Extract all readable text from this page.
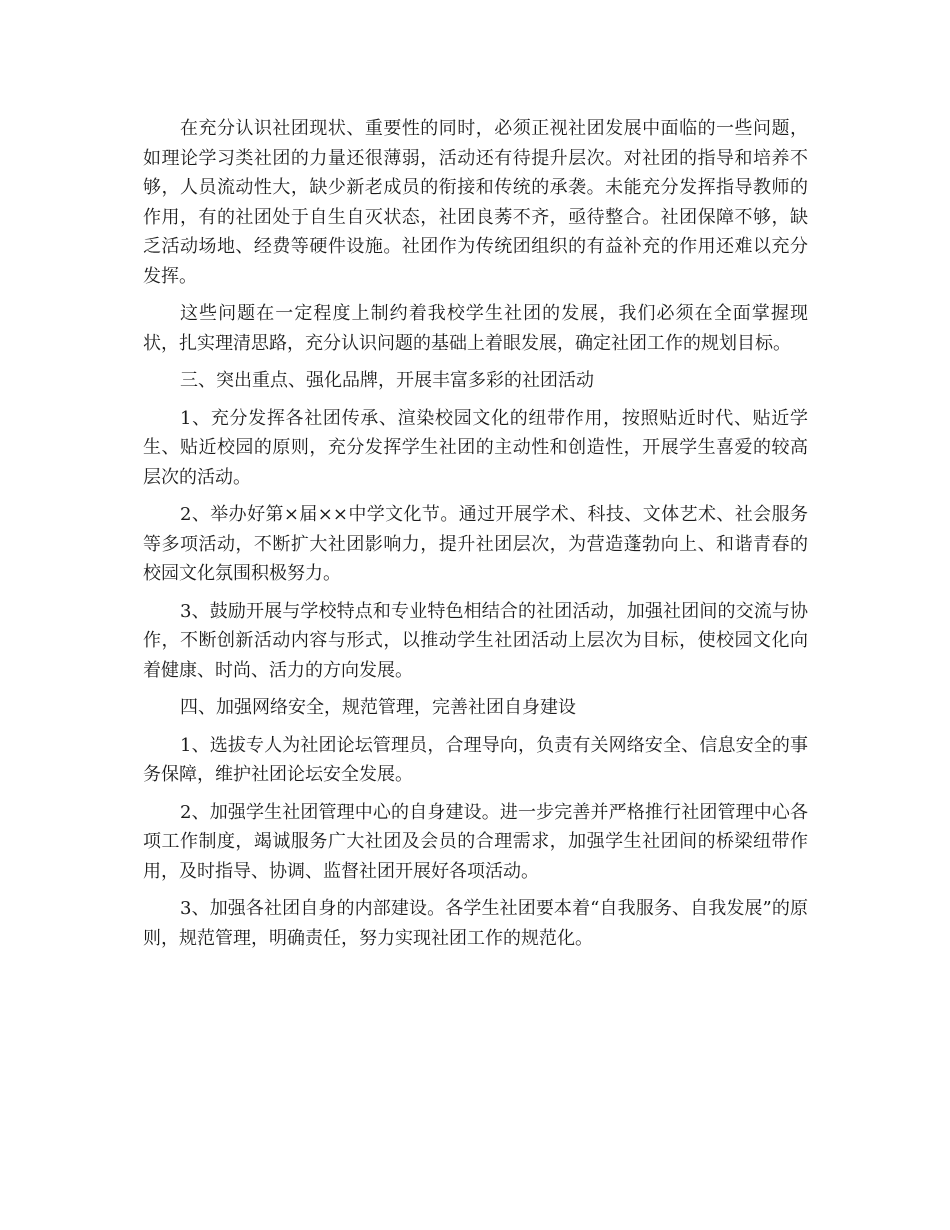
在充分认识社团现状、重要性的同时，必须正视社团发展中面临的一些问题，如理论学习类社团的力量还很薄弱，活动还有待提升层次。对社团的指导和培养不够，人员流动性大，缺少新老成员的衔接和传统的承袭。未能充分发挥指导教师的作用，有的社团处于自生自灭状态，社团良莠不齐，亟待整合。社团保障不够，缺乏活动场地、经费等硬件设施。社团作为传统团组织的有益补充的作用还难以充分发挥。

这些问题在一定程度上制约着我校学生社团的发展，我们必须在全面掌握现状，扎实理清思路，充分认识问题的基础上着眼发展，确定社团工作的规划目标。

三、突出重点、强化品牌，开展丰富多彩的社团活动

1、充分发挥各社团传承、渲染校园文化的纽带作用，按照贴近时代、贴近学生、贴近校园的原则，充分发挥学生社团的主动性和创造性，开展学生喜爱的较高层次的活动。

2、举办好第×届××中学文化节。通过开展学术、科技、文体艺术、社会服务等多项活动，不断扩大社团影响力，提升社团层次，为营造蓬勃向上、和谐青春的校园文化氛围积极努力。

3、鼓励开展与学校特点和专业特色相结合的社团活动，加强社团间的交流与协作，不断创新活动内容与形式，以推动学生社团活动上层次为目标，使校园文化向着健康、时尚、活力的方向发展。

四、加强网络安全，规范管理，完善社团自身建设

1、选拔专人为社团论坛管理员，合理导向，负责有关网络安全、信息安全的事务保障，维护社团论坛安全发展。

2、加强学生社团管理中心的自身建设。进一步完善并严格推行社团管理中心各项工作制度，竭诚服务广大社团及会员的合理需求，加强学生社团间的桥梁纽带作用，及时指导、协调、监督社团开展好各项活动。

3、加强各社团自身的内部建设。各学生社团要本着“自我服务、自我发展”的原则，规范管理，明确责任，努力实现社团工作的规范化。
